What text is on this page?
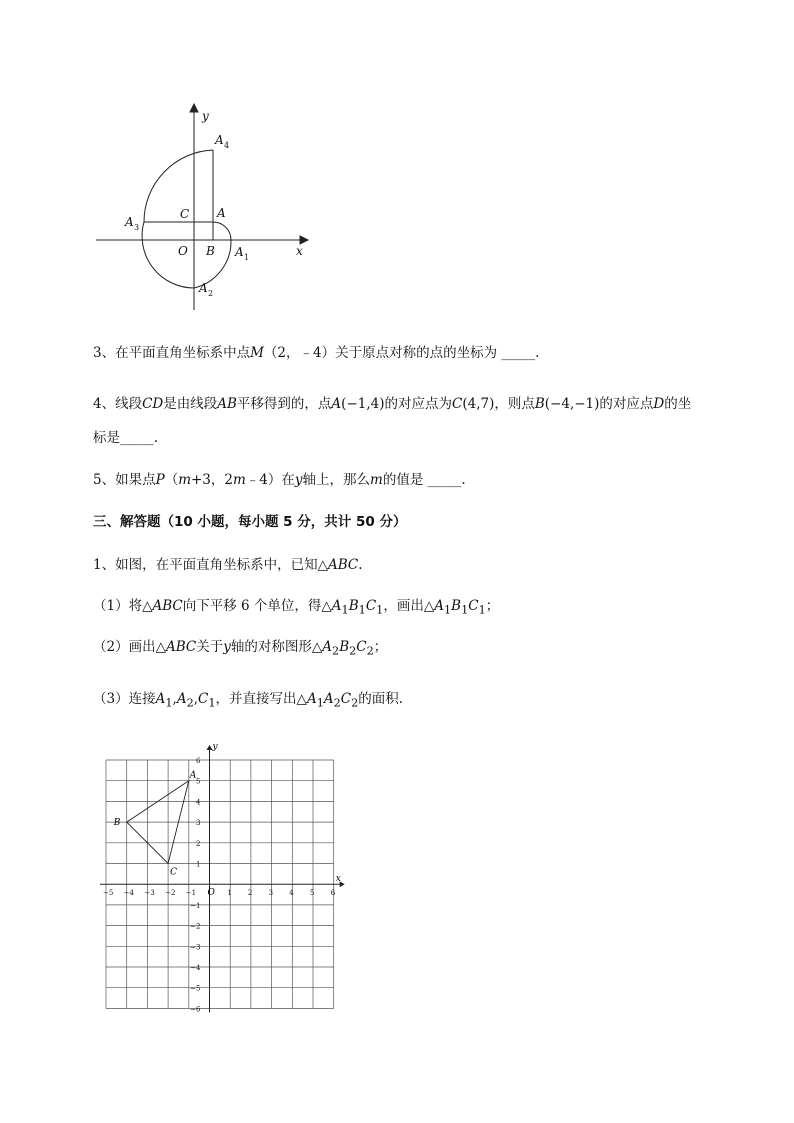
y
x
O B
C A
A 4
A 3
A 1
A 2
3、在平面直角坐标系中点M（2，﹣4）关于原点对称的点的坐标为 _____.
4、线段CD是由线段AB平移得到的，点A(−1,4)的对应点为C(4,7)，则点B(−4,−1)的对应点D的坐
标是_____.
5、如果点P（m+3，2m﹣4）在y轴上，那么m的值是 _____.
三、解答题（10 小题，每小题 5 分，共计 50 分）
1、如图，在平面直角坐标系中，已知△ABC.
（1）将△ABC向下平移 6 个单位，得$\triangle A_1B_1C_1$，画出$\triangle A_1B_1C_1$；
（2）画出△ABC关于y轴的对称图形$\triangle A_2B_2C_2$；
（3）连接$A_1,A_2,C_1$，并直接写出$\triangle A_1A_2C_2$的面积.
−5 −4 −3 −2 −1	1 2 3 4 5 6
6
5
4
3
2
1
−1
−2
−3
−4
−5
−6
x
y
O
A
B
C
